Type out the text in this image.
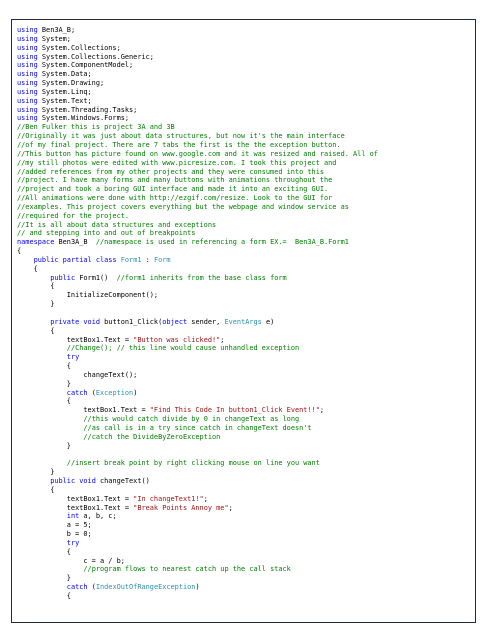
using Ben3A_B;
using System;
using System.Collections;
using System.Collections.Generic;
using System.ComponentModel;
using System.Data;
using System.Drawing;
using System.Linq;
using System.Text;
using System.Threading.Tasks;
using System.Windows.Forms;
//Ben Fulker this is project 3A and 3B
//Originally it was just about data structures, but now it's the main interface
//of my final project. There are 7 tabs the first is the the exception button.
//This button has picture found on www.google.com and it was resized and raised. All of
//my still photos were edited with www.picresize.com. I took this project and
//added references from my other projects and they were consumed into this
//project. I have many forms and many buttons with animations throughout the
//project and took a boring GUI interface and made it into an exciting GUI.
//All animations were done with http://ezgif.com/resize. Look to the GUI for
//examples. This project covers everything but the webpage and window service as
//required for the project.
//It is all about data structures and exceptions
// and stepping into and out of breakpoints
namespace Ben3A_B  //namespace is used in referencing a form EX.=  Ben3A_B.Form1
{
public partial class Form1 : Form
{
public Form1()  //form1 inherits from the base class form
{
InitializeComponent();
}
private void button1_Click(object sender, EventArgs e)
{
textBox1.Text = "Button was clicked!";
//Change(); // this line would cause unhandled exception
try
{
changeText();
}
catch (Exception)
{
textBox1.Text = "Find This Code In button1_Click Event!!";
//this would catch divide by 0 in changeText as long
//as call is in a try since catch in changeText doesn't
//catch the DivideByZeroException
}
//insert break point by right clicking mouse on line you want
}
public void changeText()
{
textBox1.Text = "In changeText1!";
textBox1.Text = "Break Points Annoy me";
int a, b, c;
a = 5;
b = 0;
try
{
c = a / b;
//program flows to nearest catch up the call stack
}
catch (IndexOutOfRangeException)
{
